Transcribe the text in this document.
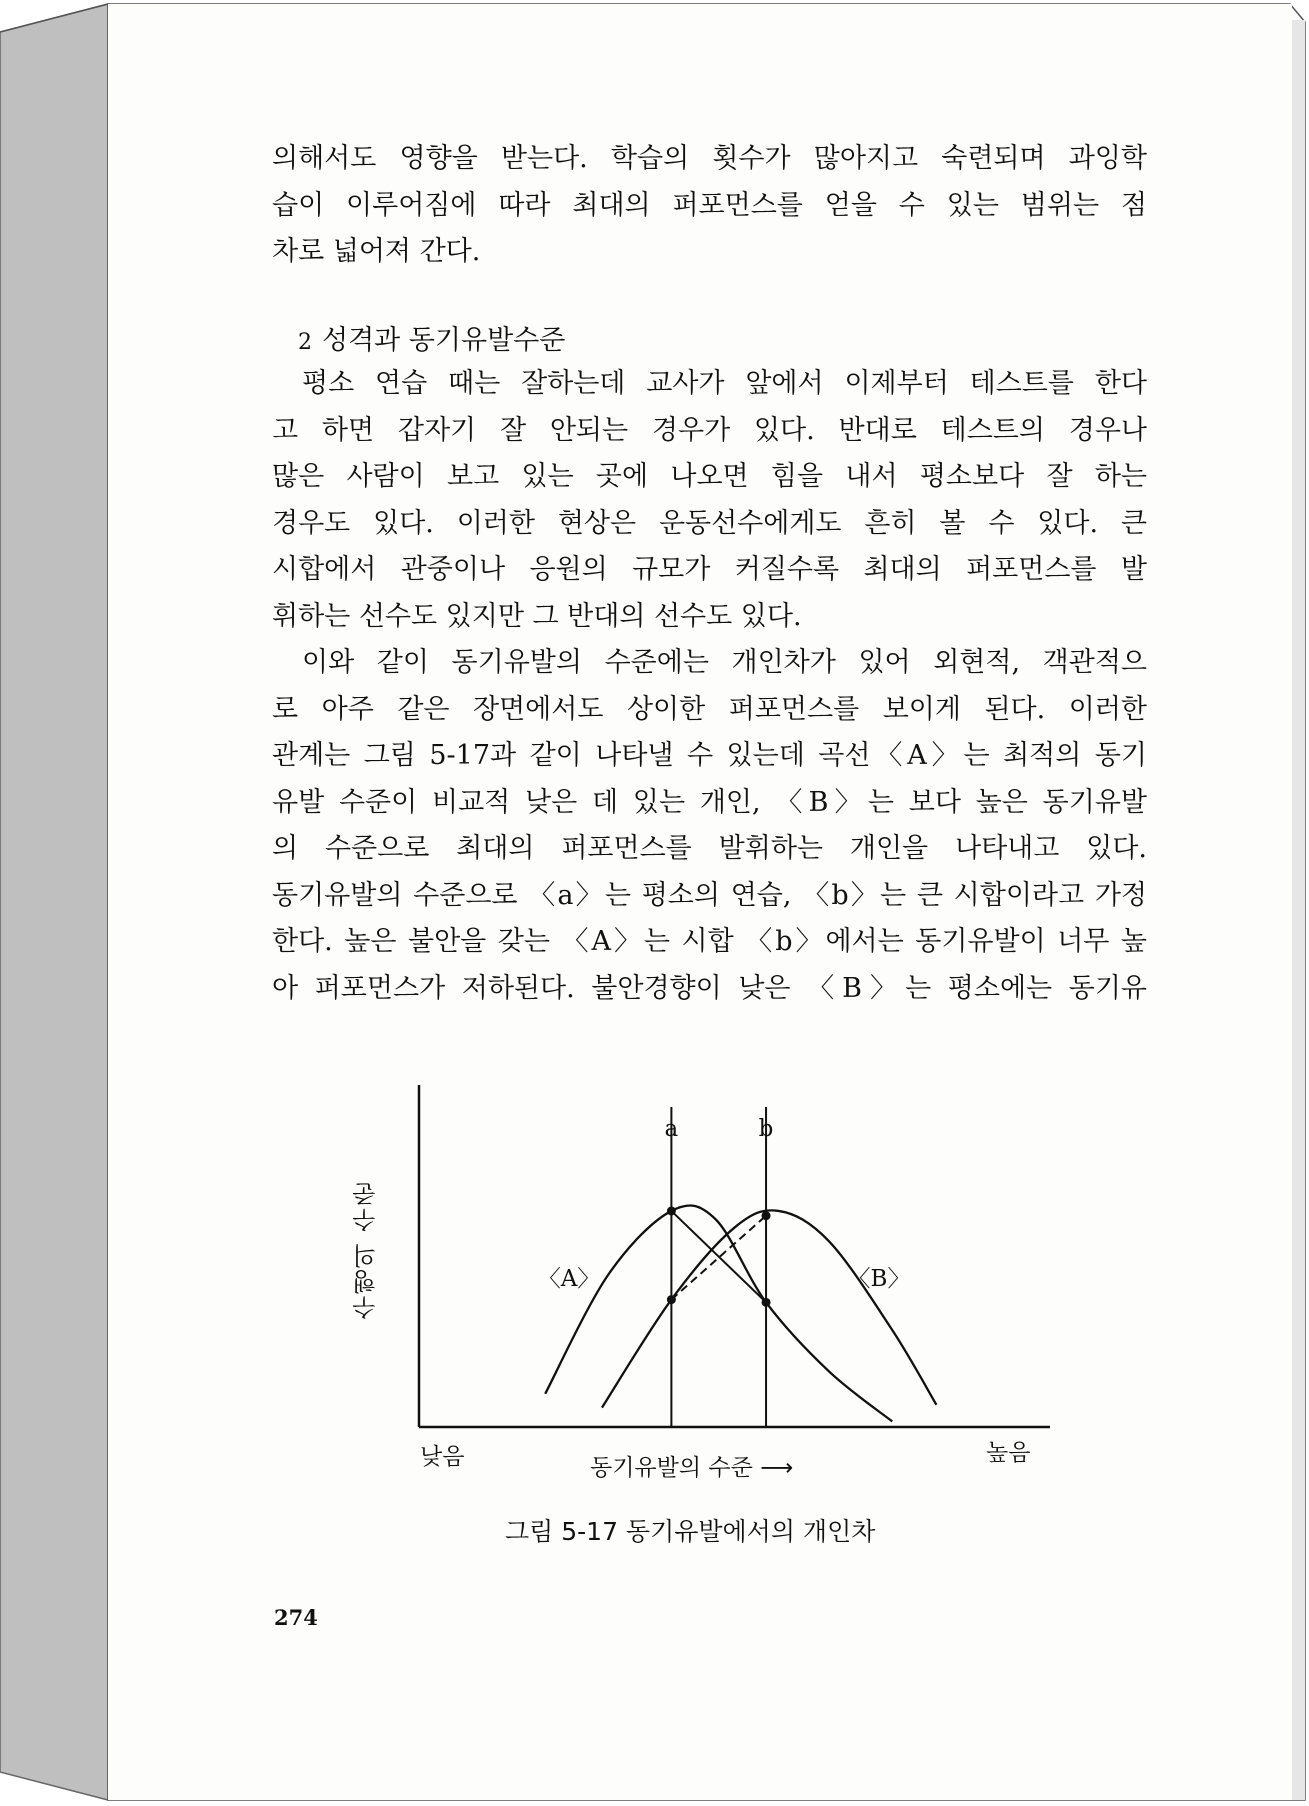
의해서도 영향을 받는다. 학습의 횟수가 많아지고 숙련되며 과잉학
습이 이루어짐에 따라 최대의 퍼포먼스를 얻을 수 있는 범위는 점
차로 넓어져 간다.
2 성격과 동기유발수준
평소 연습 때는 잘하는데 교사가 앞에서 이제부터 테스트를 한다
고 하면 갑자기 잘 안되는 경우가 있다. 반대로 테스트의 경우나
많은 사람이 보고 있는 곳에 나오면 힘을 내서 평소보다 잘 하는
경우도 있다. 이러한 현상은 운동선수에게도 흔히 볼 수 있다. 큰
시합에서 관중이나 응원의 규모가 커질수록 최대의 퍼포먼스를 발
휘하는 선수도 있지만 그 반대의 선수도 있다.
이와 같이 동기유발의 수준에는 개인차가 있어 외현적, 객관적으
로 아주 같은 장면에서도 상이한 퍼포먼스를 보이게 된다. 이러한
관계는 그림 5-17과 같이 나타낼 수 있는데 곡선〈A〉는 최적의 동기
유발 수준이 비교적 낮은 데 있는 개인, 〈B〉는 보다 높은 동기유발
의 수준으로 최대의 퍼포먼스를 발휘하는 개인을 나타내고 있다.
동기유발의 수준으로 〈a〉는 평소의 연습, 〈b〉는 큰 시합이라고 가정
한다. 높은 불안을 갖는 〈A〉는 시합 〈b〉에서는 동기유발이 너무 높
아 퍼포먼스가 저하된다. 불안경향이 낮은 〈B〉는 평소에는 동기유
a	b
〈A〉	〈B〉
수행의 수준
낮음	동기유발의 수준 ⟶
높음
그림 5-17 동기유발에서의 개인차
274
